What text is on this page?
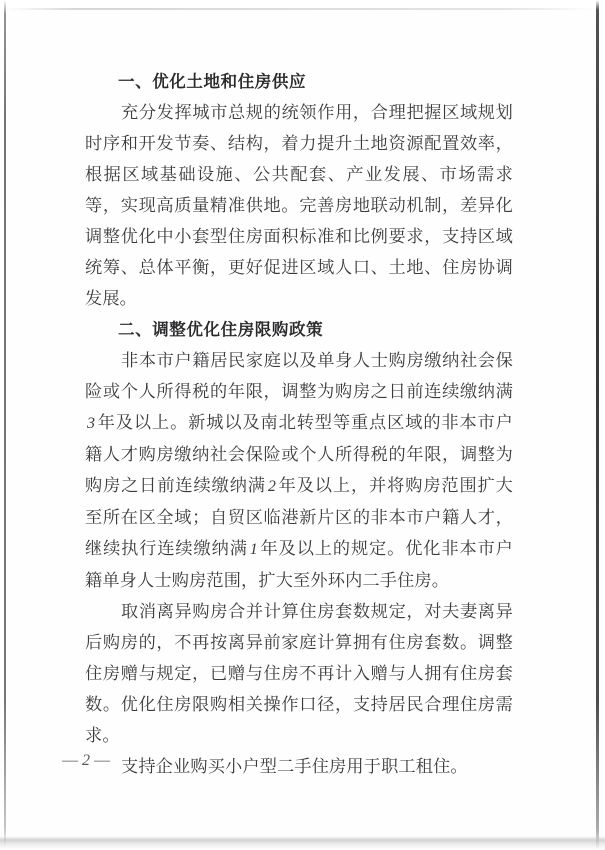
一、优化土地和住房供应
充分发挥城市总规的统领作用，合理把握区域规划时序和开发节奏、结构，着力提升土地资源配置效率，根据区域基础设施、公共配套、产业发展、市场需求等，实现高质量精准供地。完善房地联动机制，差异化调整优化中小套型住房面积标准和比例要求，支持区域统筹、总体平衡，更好促进区域人口、土地、住房协调发展。
二、调整优化住房限购政策
非本市户籍居民家庭以及单身人士购房缴纳社会保险或个人所得税的年限，调整为购房之日前连续缴纳满3 年及以上。新城以及南北转型等重点区域的非本市户籍人才购房缴纳社会保险或个人所得税的年限，调整为购房之日前连续缴纳满 2 年及以上，并将购房范围扩大至所在区全域；自贸区临港新片区的非本市户籍人才，继续执行连续缴纳满 1 年及以上的规定。优化非本市户籍单身人士购房范围，扩大至外环内二手住房。
取消离异购房合并计算住房套数规定，对夫妻离异后购房的，不再按离异前家庭计算拥有住房套数。调整住房赠与规定，已赠与住房不再计入赠与人拥有住房套数。优化住房限购相关操作口径，支持居民合理住房需求。
支持企业购买小户型二手住房用于职工租住。
— 2 —
